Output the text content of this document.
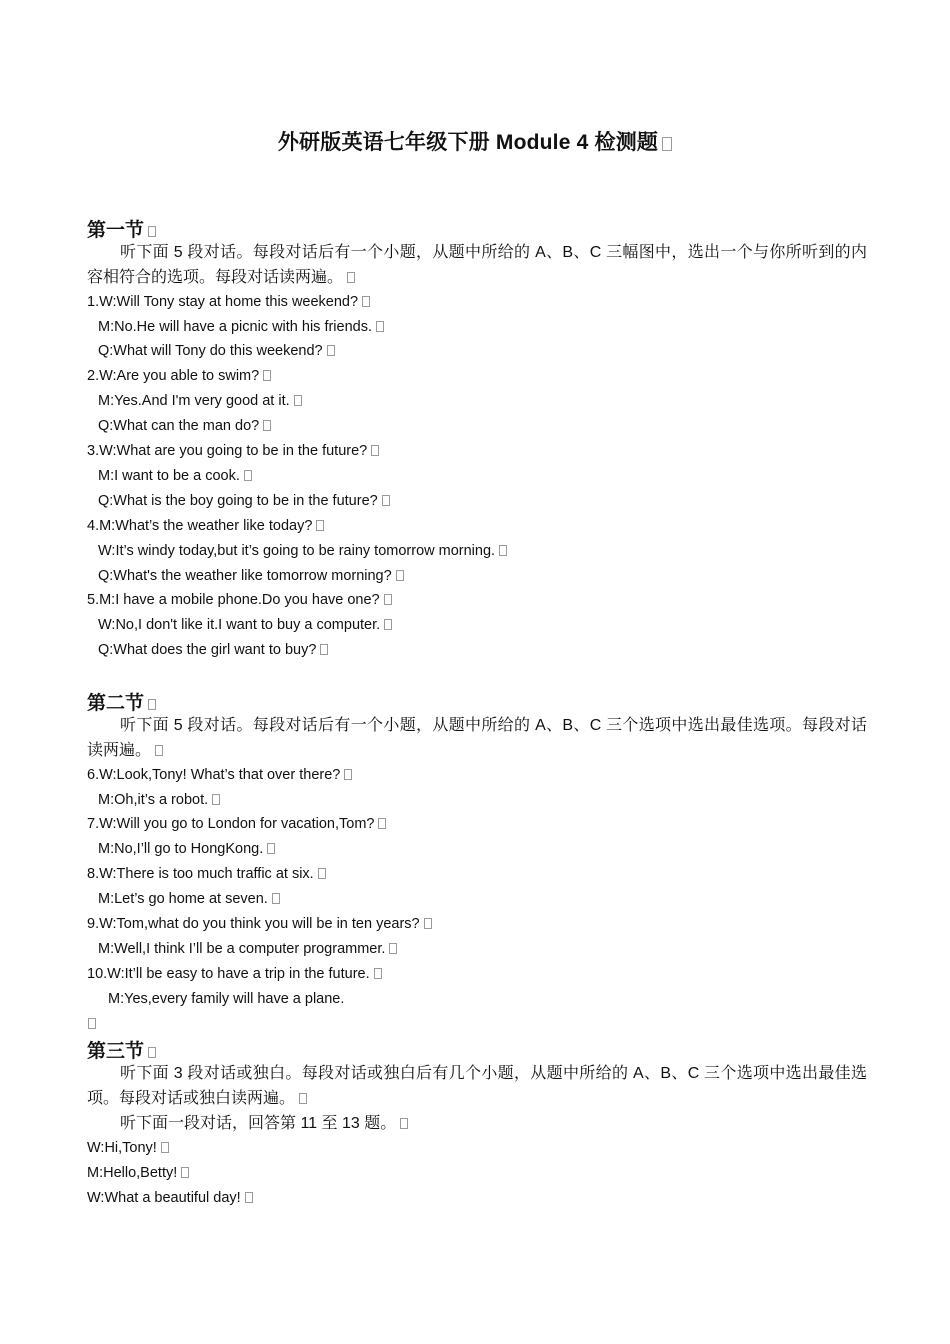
外研版英语七年级下册 Module 4 检测题
第一节
听下面 5 段对话。每段对话后有一个小题，从题中所给的 A、B、C 三幅图中，选出一个与你所听到的内容相符合的选项。每段对话读两遍。
1.W:Will Tony stay at home this weekend?
M:No.He will have a picnic with his friends.
Q:What will Tony do this weekend?
2.W:Are you able to swim?
M:Yes.And I'm very good at it.
Q:What can the man do?
3.W:What are you going to be in the future?
M:I want to be a cook.
Q:What is the boy going to be in the future?
4.M:What’s the weather like today?
W:It’s windy today,but it’s going to be rainy tomorrow morning.
Q:What's the weather like tomorrow morning?
5.M:I have a mobile phone.Do you have one?
W:No,I don't like it.I want to buy a computer.
Q:What does the girl want to buy?
第二节
听下面 5 段对话。每段对话后有一个小题，从题中所给的 A、B、C 三个选项中选出最佳选项。每段对话读两遍。
6.W:Look,Tony! What’s that over there?
M:Oh,it’s a robot.
7.W:Will you go to London for vacation,Tom?
M:No,I’ll go to HongKong.
8.W:There is too much traffic at six.
M:Let’s go home at seven.
9.W:Tom,what do you think you will be in ten years?
M:Well,I think I’ll be a computer programmer.
10.W:It’ll be easy to have a trip in the future.
M:Yes,every family will have a plane.
第三节
听下面 3 段对话或独白。每段对话或独白后有几个小题，从题中所给的 A、B、C 三个选项中选出最佳选项。每段对话或独白读两遍。
听下面一段对话，回答第 11 至 13 题。
W:Hi,Tony!
M:Hello,Betty!
W:What a beautiful day!
